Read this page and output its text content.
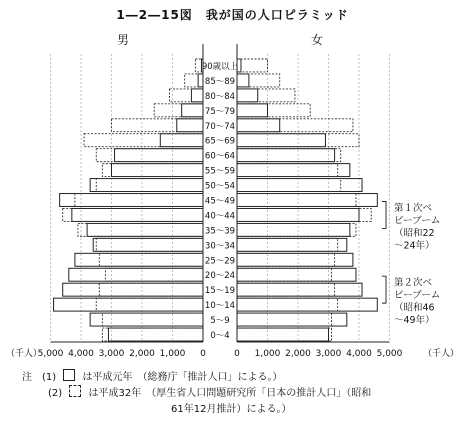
1―2―15図　我が国の人口ピラミッド
男	女
90歳以上
85～89
80～84
75～79
70～74
65～69
60～64
55～59
50～54
45～49
40～44
35～39
30～34
25～29
20～24
15～19
10～14
5～9
0～4
5,000 4,000 3,000 2,000 1,000 0	0 1,000 2,000 3,000 4,000 5,000
（千人）	（千人）
第１次ベ
ビーブーム
（昭和22
～24年）
第２次ベ
ビーブーム
（昭和46
～49年）
注　(1)	は平成元年　（総務庁「推計人口」による。）
(2)	は平成32年　（厚生省人口問題研究所「日本の推計人口」（昭和
61年12月推計）による。）
